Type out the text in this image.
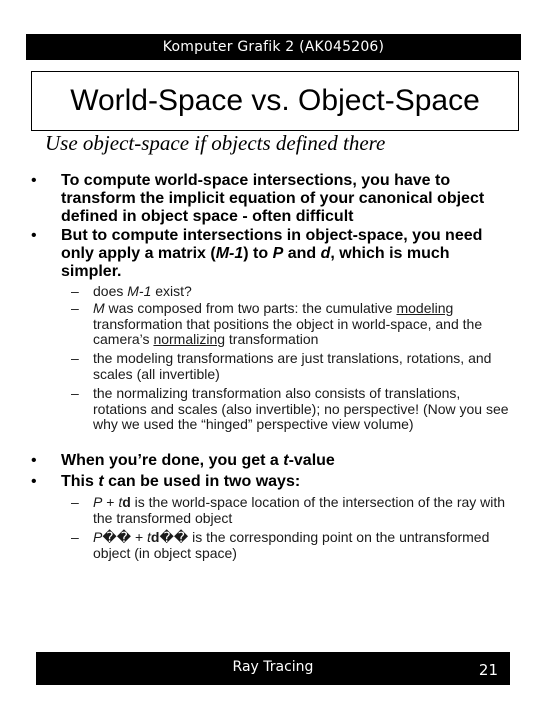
Komputer Grafik 2 (AK045206)
World-Space vs. Object-Space
Use object-space if objects defined there
• To compute world-space intersections, you have to transform the implicit equation of your canonical object defined in object space - often difficult
• But to compute intersections in object-space, you need only apply a matrix (M-1) to P and d, which is much simpler.
– does M-1 exist?
– M was composed from two parts: the cumulative modeling transformation that positions the object in world-space, and the camera’s normalizing transformation
– the modeling transformations are just translations, rotations, and scales (all invertible)
– the normalizing transformation also consists of translations, rotations and scales (also invertible); no perspective! (Now you see why we used the “hinged” perspective view volume)
• When you’re done, you get a t-value
• This t can be used in two ways:
– P + td is the world-space location of the intersection of the ray with the transformed object
– P�� + td�� is the corresponding point on the untransformed object (in object space)
Ray Tracing	21
